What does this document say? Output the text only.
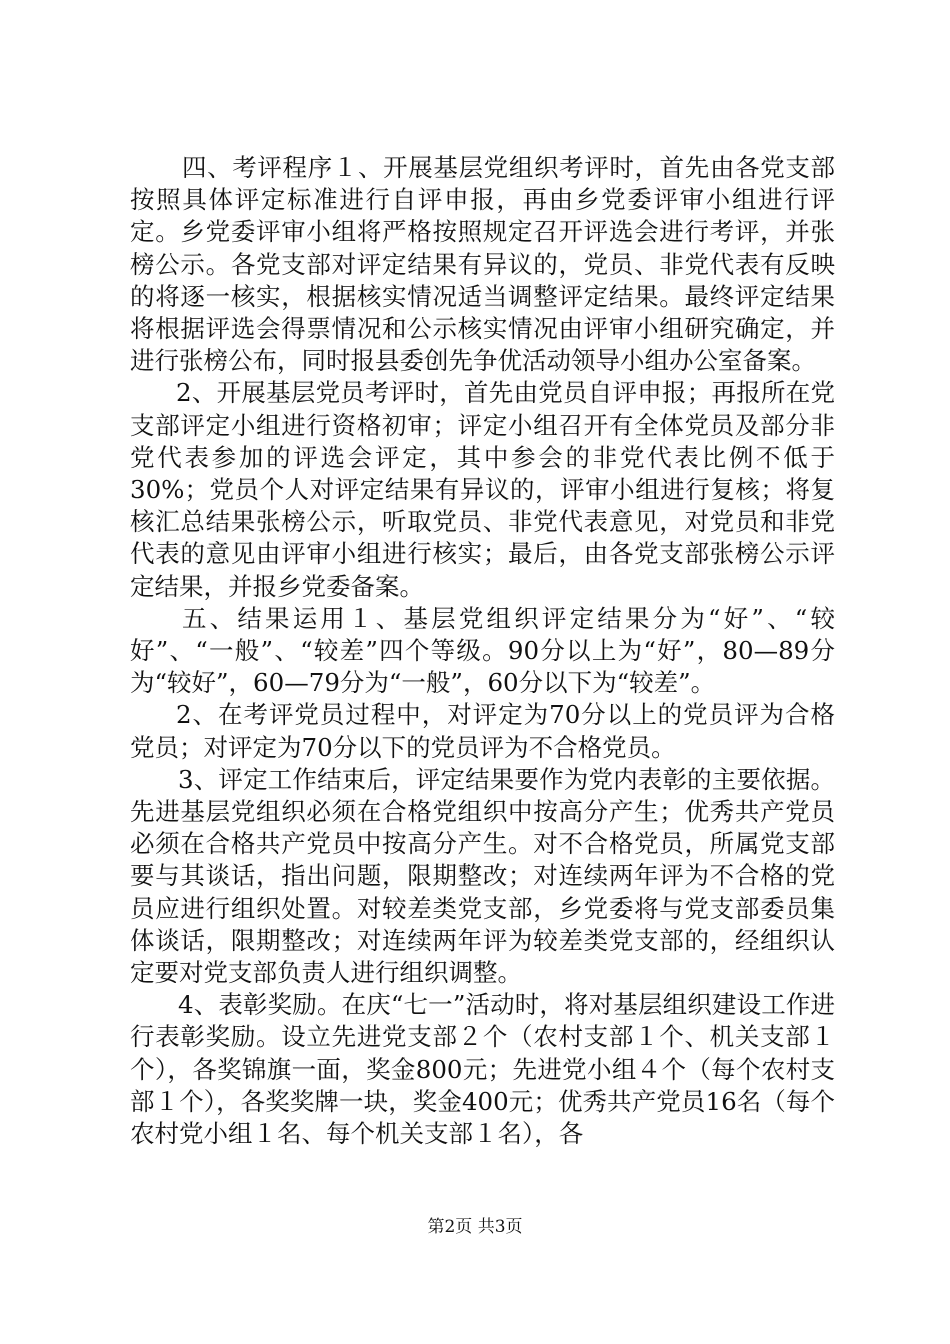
四、考评程序１、开展基层党组织考评时，首先由各党支部按照具体评定标准进行自评申报，再由乡党委评审小组进行评定。乡党委评审小组将严格按照规定召开评选会进行考评，并张榜公示。各党支部对评定结果有异议的，党员、非党代表有反映的将逐一核实，根据核实情况适当调整评定结果。最终评定结果将根据评选会得票情况和公示核实情况由评审小组研究确定，并进行张榜公布，同时报县委创先争优活动领导小组办公室备案。

2、开展基层党员考评时，首先由党员自评申报；再报所在党支部评定小组进行资格初审；评定小组召开有全体党员及部分非党代表参加的评选会评定，其中参会的非党代表比例不低于30%；党员个人对评定结果有异议的，评审小组进行复核；将复核汇总结果张榜公示，听取党员、非党代表意见，对党员和非党代表的意见由评审小组进行核实；最后，由各党支部张榜公示评定结果，并报乡党委备案。

五、结果运用１、基层党组织评定结果分为“好”、“较好”、“一般”、“较差”四个等级。90分以上为“好”，80—89分为“较好”，60—79分为“一般”，60分以下为“较差”。

2、在考评党员过程中，对评定为70分以上的党员评为合格党员；对评定为70分以下的党员评为不合格党员。

3、评定工作结束后，评定结果要作为党内表彰的主要依据。先进基层党组织必须在合格党组织中按高分产生；优秀共产党员必须在合格共产党员中按高分产生。对不合格党员，所属党支部要与其谈话，指出问题，限期整改；对连续两年评为不合格的党员应进行组织处置。对较差类党支部，乡党委将与党支部委员集体谈话，限期整改；对连续两年评为较差类党支部的，经组织认定要对党支部负责人进行组织调整。

4、表彰奖励。在庆“七一”活动时，将对基层组织建设工作进行表彰奖励。设立先进党支部２个（农村支部１个、机关支部１个），各奖锦旗一面，奖金800元；先进党小组４个（每个农村支部１个），各奖奖牌一块，奖金400元；优秀共产党员16名（每个农村党小组１名、每个机关支部１名），各

第2页 共3页
